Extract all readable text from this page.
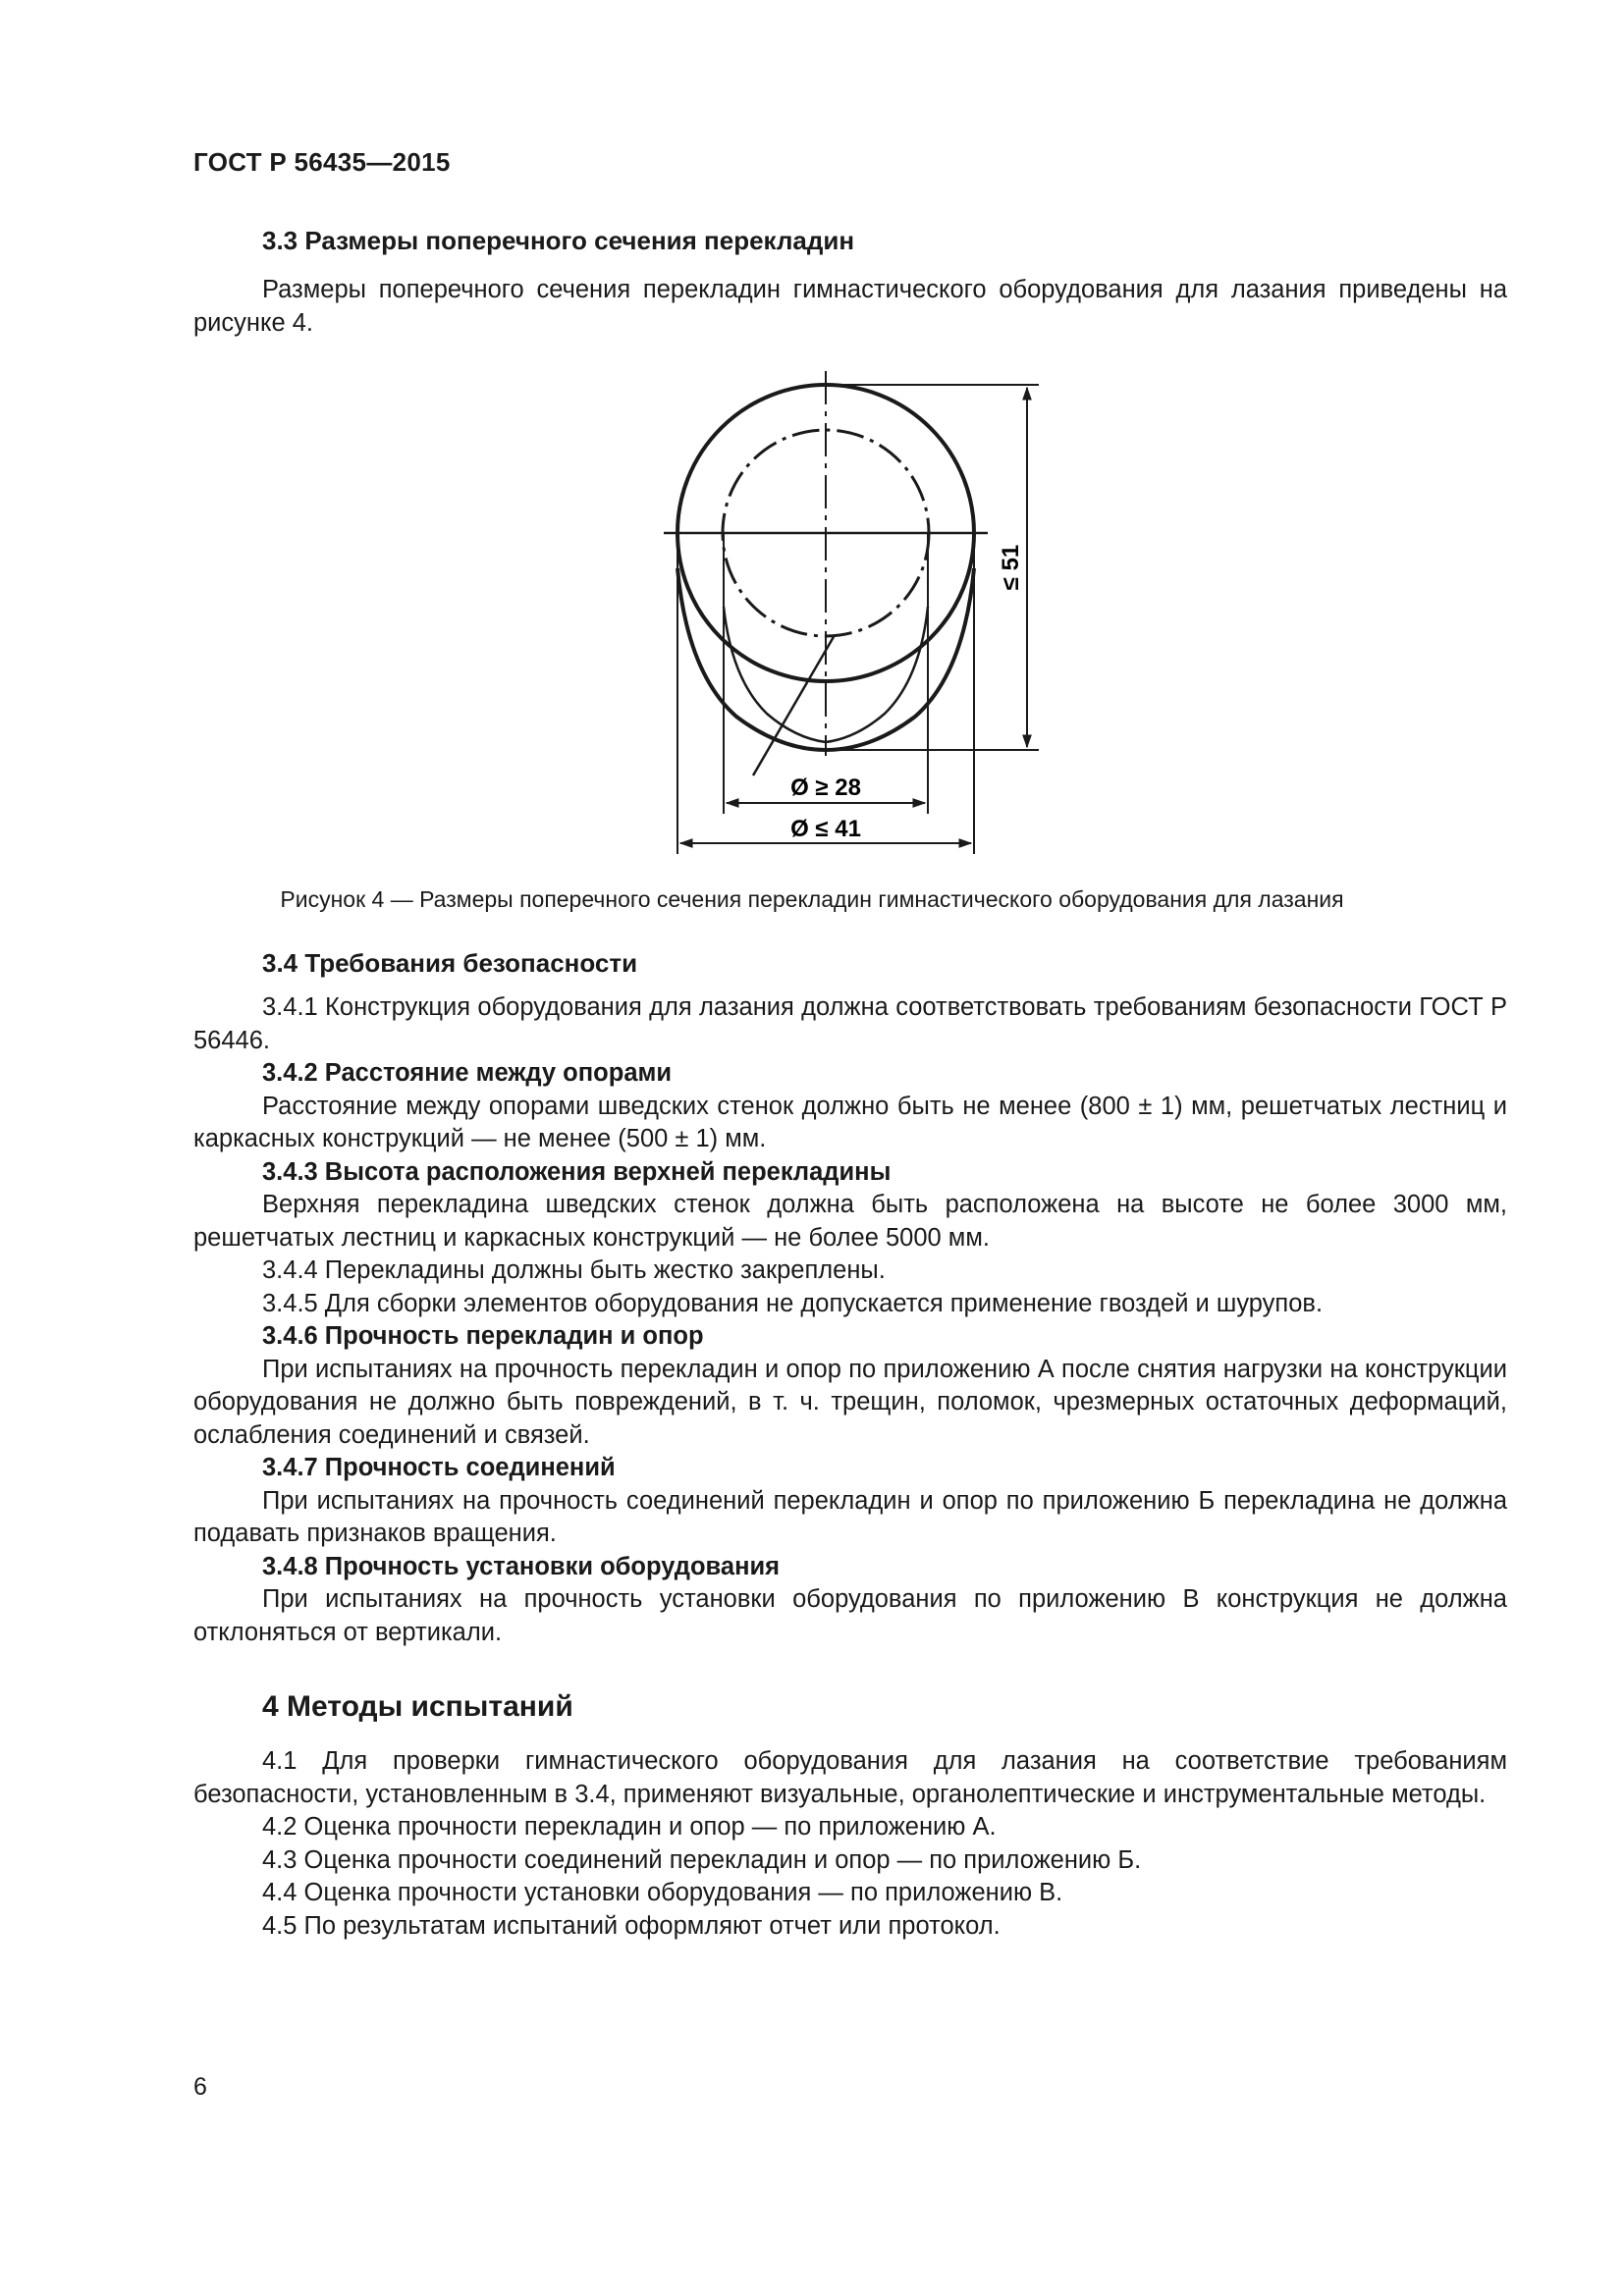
ГОСТ Р 56435—2015
3.3 Размеры поперечного сечения перекладин

Размеры поперечного сечения перекладин гимнастического оборудования для лазания приведены на рисунке 4.

Ø ≥ 28
Ø ≤ 41
≤ 51
Рисунок 4 — Размеры поперечного сечения перекладин гимнастического оборудования для лазания
3.4 Требования безопасности

3.4.1 Конструкция оборудования для лазания должна соответствовать требованиям безопасности ГОСТ Р 56446.

3.4.2 Расстояние между опорами

Расстояние между опорами шведских стенок должно быть не менее (800 ± 1) мм, решетчатых лестниц и каркасных конструкций — не менее (500 ± 1) мм.

3.4.3 Высота расположения верхней перекладины

Верхняя перекладина шведских стенок должна быть расположена на высоте не более 3000 мм, решетчатых лестниц и каркасных конструкций — не более 5000 мм.

3.4.4 Перекладины должны быть жестко закреплены.

3.4.5 Для сборки элементов оборудования не допускается применение гвоздей и шурупов.

3.4.6 Прочность перекладин и опор

При испытаниях на прочность перекладин и опор по приложению А после снятия нагрузки на конструкции оборудования не должно быть повреждений, в т. ч. трещин, поломок, чрезмерных остаточных деформаций, ослабления соединений и связей.

3.4.7 Прочность соединений

При испытаниях на прочность соединений перекладин и опор по приложению Б перекладина не должна подавать признаков вращения.

3.4.8 Прочность установки оборудования

При испытаниях на прочность установки оборудования по приложению В конструкция не должна отклоняться от вертикали.

4 Методы испытаний

4.1 Для проверки гимнастического оборудования для лазания на соответствие требованиям безопасности, установленным в 3.4, применяют визуальные, органолептические и инструментальные методы.

4.2 Оценка прочности перекладин и опор — по приложению А.

4.3 Оценка прочности соединений перекладин и опор — по приложению Б.

4.4 Оценка прочности установки оборудования — по приложению В.

4.5 По результатам испытаний оформляют отчет или протокол.

6
